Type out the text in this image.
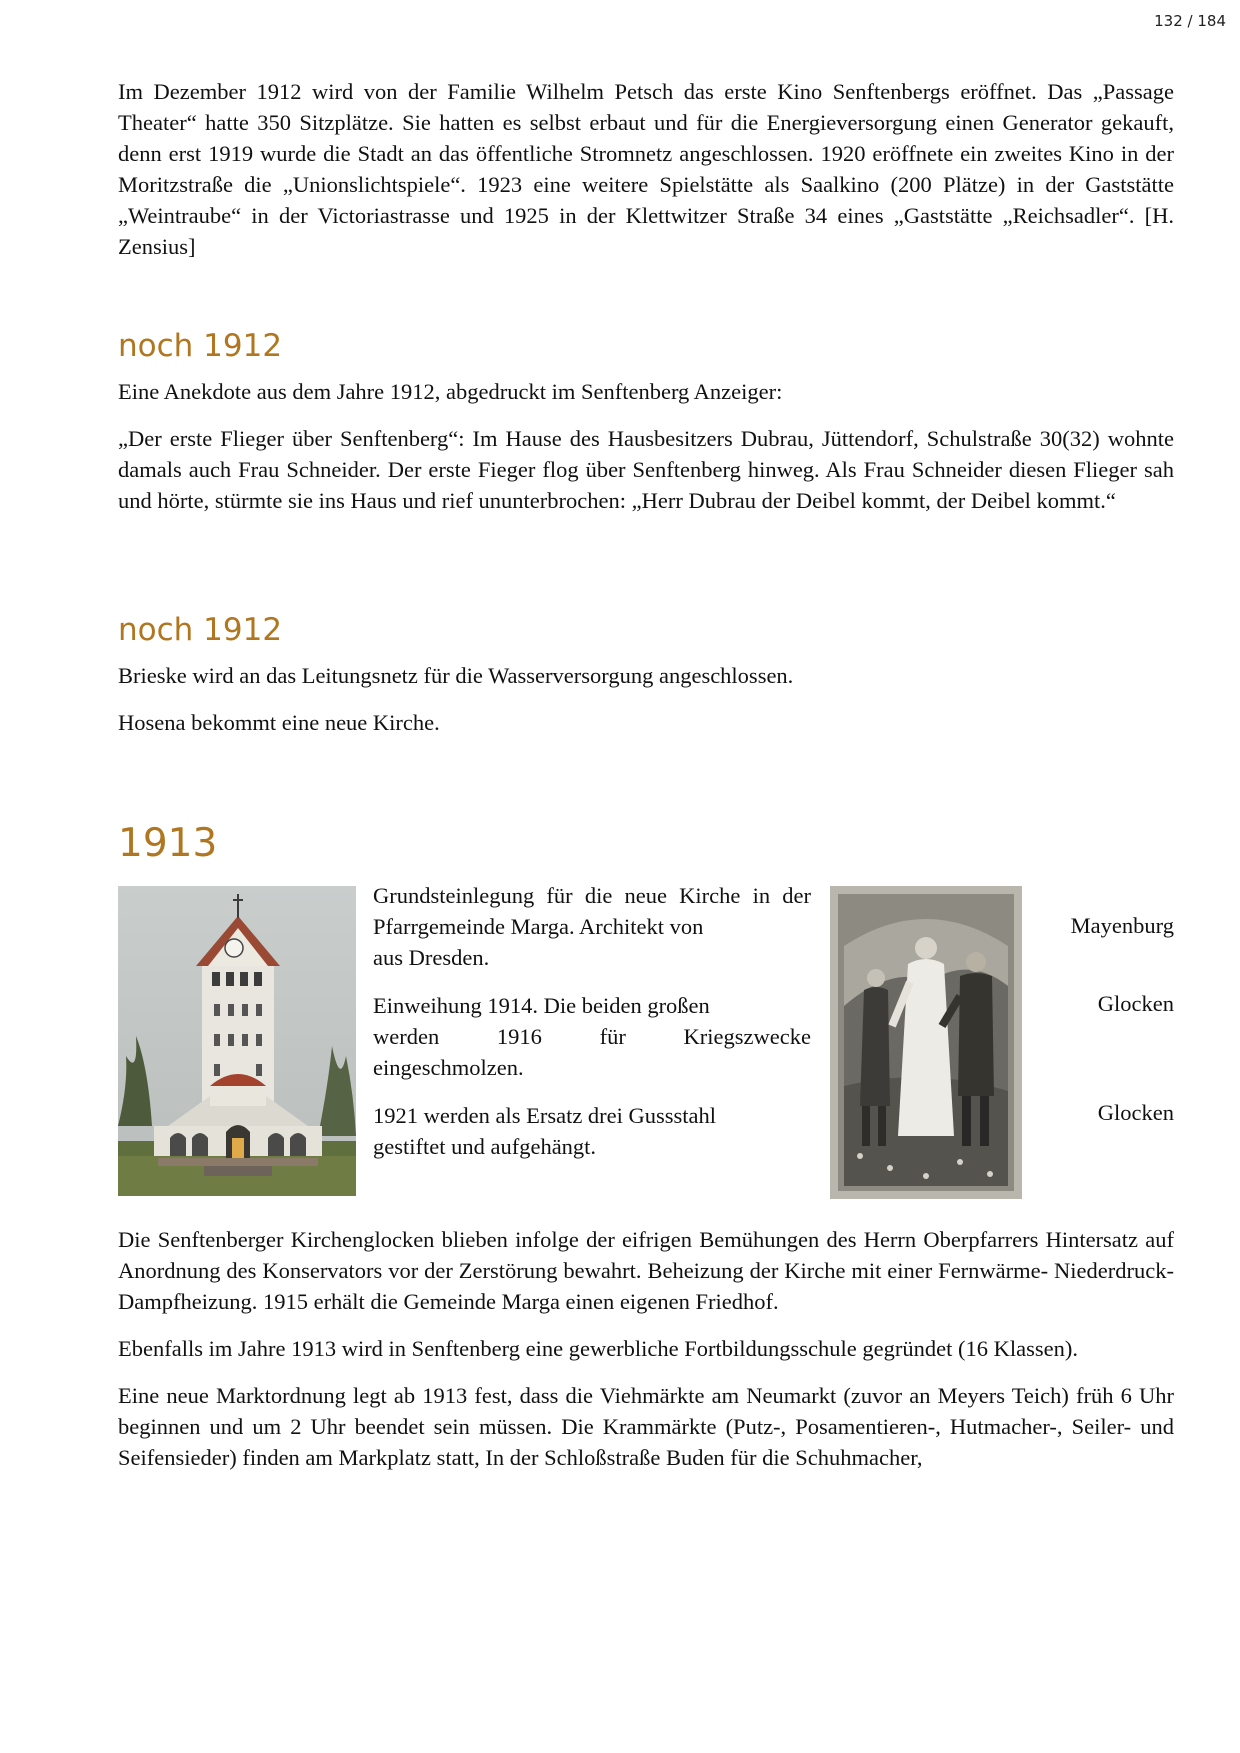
132 / 184

Im Dezember 1912 wird von der Familie Wilhelm Petsch das erste Kino Senftenbergs eröffnet. Das „Passage Theater“ hatte 350 Sitzplätze. Sie hatten es selbst erbaut und für die Energieversorgung einen Generator gekauft, denn erst 1919 wurde die Stadt an das öffentliche Stromnetz angeschlossen. 1920 eröffnete ein zweites Kino in der Moritzstraße die „Unionslichtspiele“. 1923 eine weitere Spielstätte als Saalkino (200 Plätze) in der Gaststätte „Weintraube“ in der Victoriastrasse und 1925 in der Klettwitzer Straße 34 eines „Gaststätte „Reichsadler“. [H. Zensius]

noch 1912

Eine Anekdote aus dem Jahre 1912, abgedruckt im Senftenberg Anzeiger:

„Der erste Flieger über Senftenberg“: Im Hause des Hausbesitzers Dubrau, Jüttendorf, Schulstraße 30(32) wohnte damals auch Frau Schneider. Der erste Fieger flog über Senftenberg hinweg. Als Frau Schneider diesen Flieger sah und hörte, stürmte sie ins Haus und rief ununterbrochen: „Herr Dubrau der Deibel kommt, der Deibel kommt.“

noch 1912

Brieske wird an das Leitungsnetz für die Wasserversorgung angeschlossen.

Hosena bekommt eine neue Kirche.

1913

Grundsteinlegung für die neue Kirche in der Pfarrgemeinde Marga. Architekt von

aus Dresden.

Einweihung 1914. Die beiden großen

werden 1916 für Kriegszwecke

eingeschmolzen.

1921 werden als Ersatz drei Gussstahl

gestiftet und aufgehängt.

Mayenburg
Glocken
Glocken

Die Senftenberger Kirchenglocken blieben infolge der eifrigen Bemühungen des Herrn Oberpfarrers Hintersatz auf Anordnung des Konservators vor der Zerstörung bewahrt. Beheizung der Kirche mit einer Fernwärme- Niederdruck- Dampfheizung. 1915 erhält die Gemeinde Marga einen eigenen Friedhof.

Ebenfalls im Jahre 1913 wird in Senftenberg eine gewerbliche Fortbildungsschule gegründet (16 Klassen).

Eine neue Marktordnung legt ab 1913 fest, dass die Viehmärkte am Neumarkt (zuvor an Meyers Teich) früh 6 Uhr beginnen und um 2 Uhr beendet sein müssen. Die Krammärkte (Putz-, Posamentieren-, Hutmacher-, Seiler- und Seifensieder) finden am Markplatz statt, In der Schloßstraße Buden für die Schuhmacher,
